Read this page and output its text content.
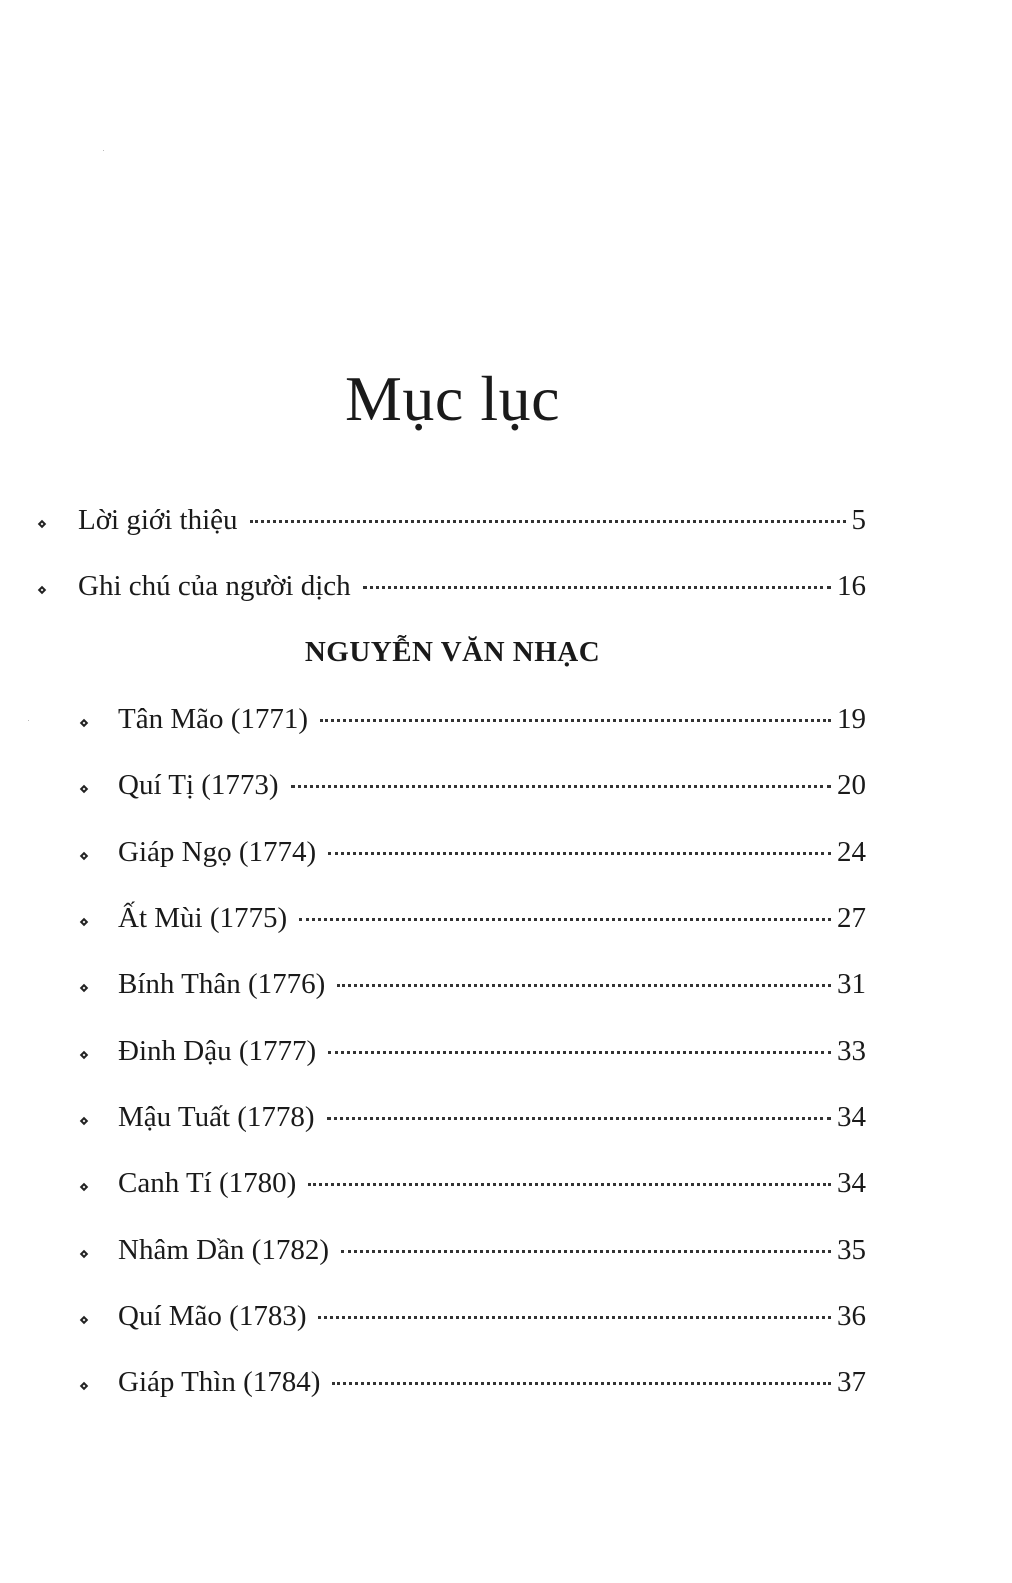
Mục lục
Lời giới thiệu	5
Ghi chú của người dịch	16
NGUYỄN VĂN NHẠC
Tân Mão (1771)	19
Quí Tị (1773)	20
Giáp Ngọ (1774)	24
Ất Mùi (1775)	27
Bính Thân (1776)	31
Đinh Dậu (1777)	33
Mậu Tuất (1778)	34
Canh Tí (1780)	34
Nhâm Dần (1782)	35
Quí Mão (1783)	36
Giáp Thìn (1784)	37
